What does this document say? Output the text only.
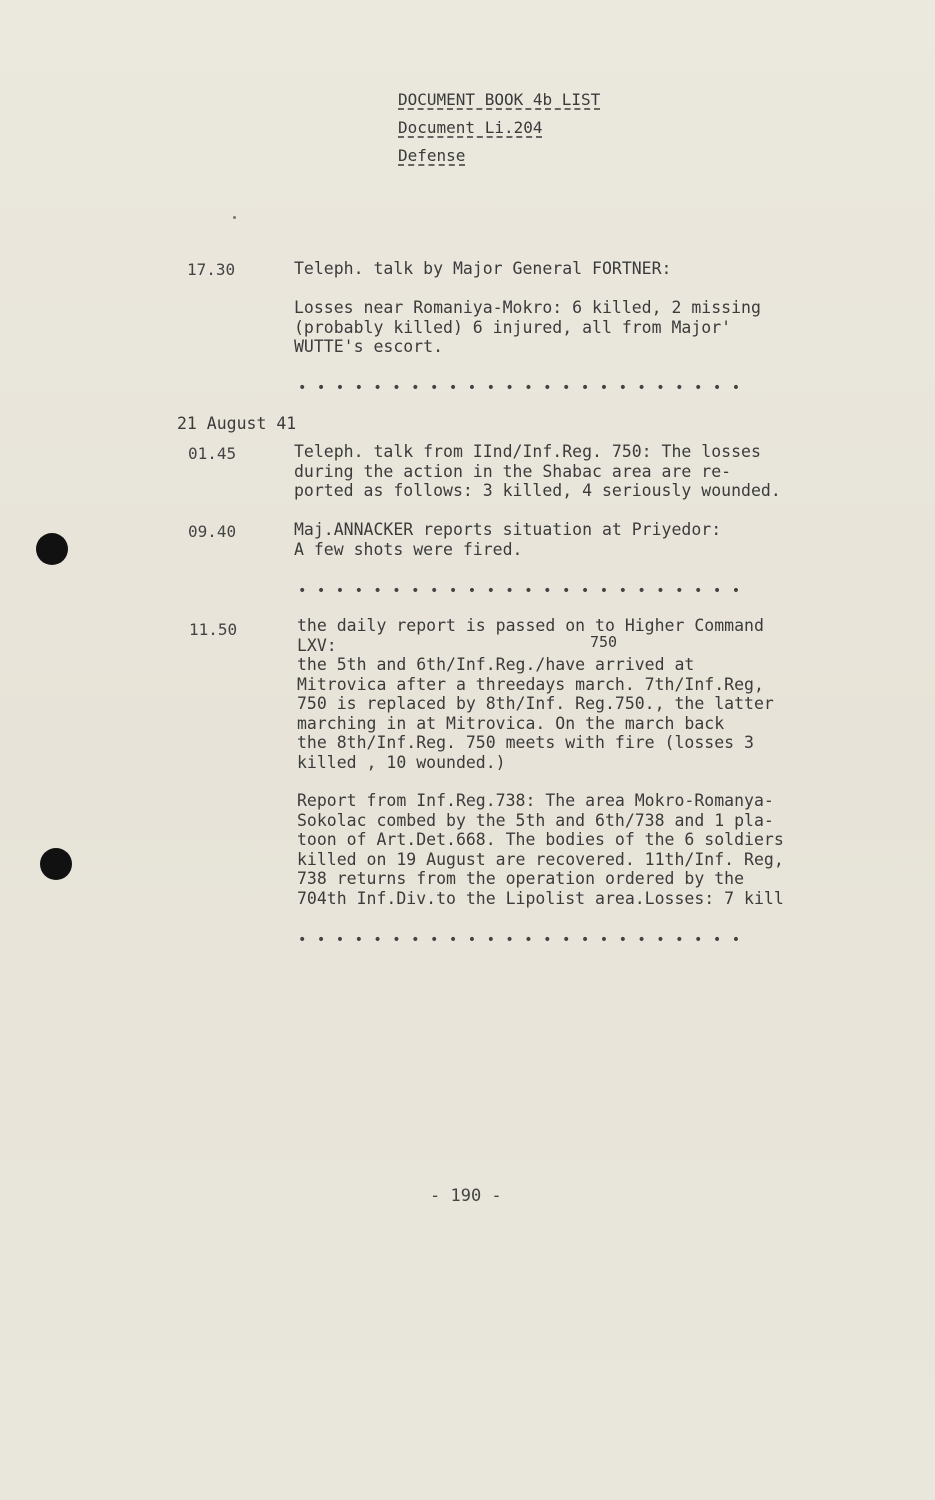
DOCUMENT BOOK 4b LIST
Document Li.204
Defense
17.30	Teleph. talk by Major General FORTNER:
Losses near Romaniya-Mokro: 6 killed, 2 missing
(probably killed) 6 injured, all from Major'
WUTTE's escort.
• • • • • • • • • • • • • • • • • • • • • • • •
21 August 41
01.45	Teleph. talk from IInd/Inf.Reg. 750: The losses
during the action in the Shabac area are re-
ported as follows: 3 killed, 4 seriously wounded.
09.40	Maj.ANNACKER reports situation at Priyedor:
A few shots were fired.
• • • • • • • • • • • • • • • • • • • • • • • •
11.50	the daily report is passed on to Higher Command
LXV:
the 5th and 6th/Inf.Reg./have arrived at
Mitrovica after a threedays march. 7th/Inf.Reg,
750 is replaced by 8th/Inf. Reg.750., the latter
marching in at Mitrovica. On the march back
the 8th/Inf.Reg. 750 meets with fire (losses 3
killed , 10 wounded.)
750
Report from Inf.Reg.738: The area Mokro-Romanya-
Sokolac combed by the 5th and 6th/738 and 1 pla-
toon of Art.Det.668. The bodies of the 6 soldiers
killed on 19 August are recovered. 11th/Inf. Reg,
738 returns from the operation ordered by the
704th Inf.Div.to the Lipolist area.Losses: 7 kill
• • • • • • • • • • • • • • • • • • • • • • • •
- 190 -
